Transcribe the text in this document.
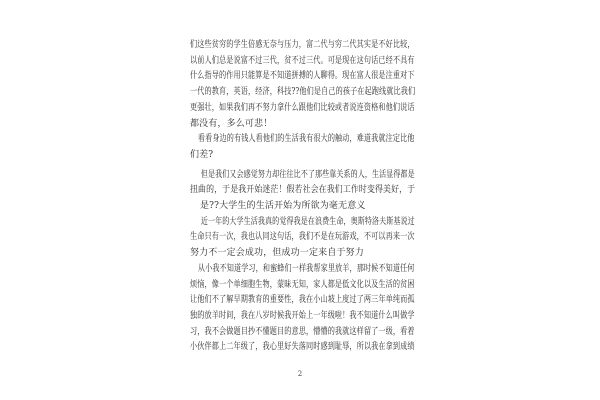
们这些贫穷的学生倍感无奈与压力，富二代与穷二代其实是不好比较，
以前人们总是说富不过三代，贫不过三代。可是现在这句话已经不具有
什么指导的作用只能算是不知道拼搏的人聊得。现在富人很是注重对下
一代的教育，英语，经济，科技??他们是自己的孩子在起跑线就比我们
更强壮，如果我们再不努力拿什么跟他们比较或者说连资格和他们说话
都没有，多么可悲！
看看身边的有钱人看他们的生活我有很大的触动，难道我就注定比他
们差?
但是我们又会感觉努力却往往比不了那些靠关系的人，生活显得都是
扭曲的，于是我开始迷茫！假若社会在我们工作时变得美好，于
是??大学生的生活开始为所欲为毫无意义
近一年的大学生活我真的觉得我是在浪费生命，奥斯特洛夫斯基说过
生命只有一次，我也认同这句话，我们不是在玩游戏，不可以再来一次
努力不一定会成功，但成功一定来自于努力
从小我不知道学习，和蜜蜂们一样我帮家里放羊，那时候不知道任何
烦恼，像一个单细胞生物，蒙昧无知，家人都是低文化以及生活的贫困
让他们不了解早期教育的重要性，我在小山坡上度过了两三年单纯而孤
独的放羊时间，我在八岁时候我开始上一年级啦！我不知道什么叫做学
习，我不会做题目抄不懂题目的意思，懵懵的我就这样留了一级，看着
小伙伴都上二年级了，我心里好失落同时感到耻辱，所以我在拿到成绩
2
